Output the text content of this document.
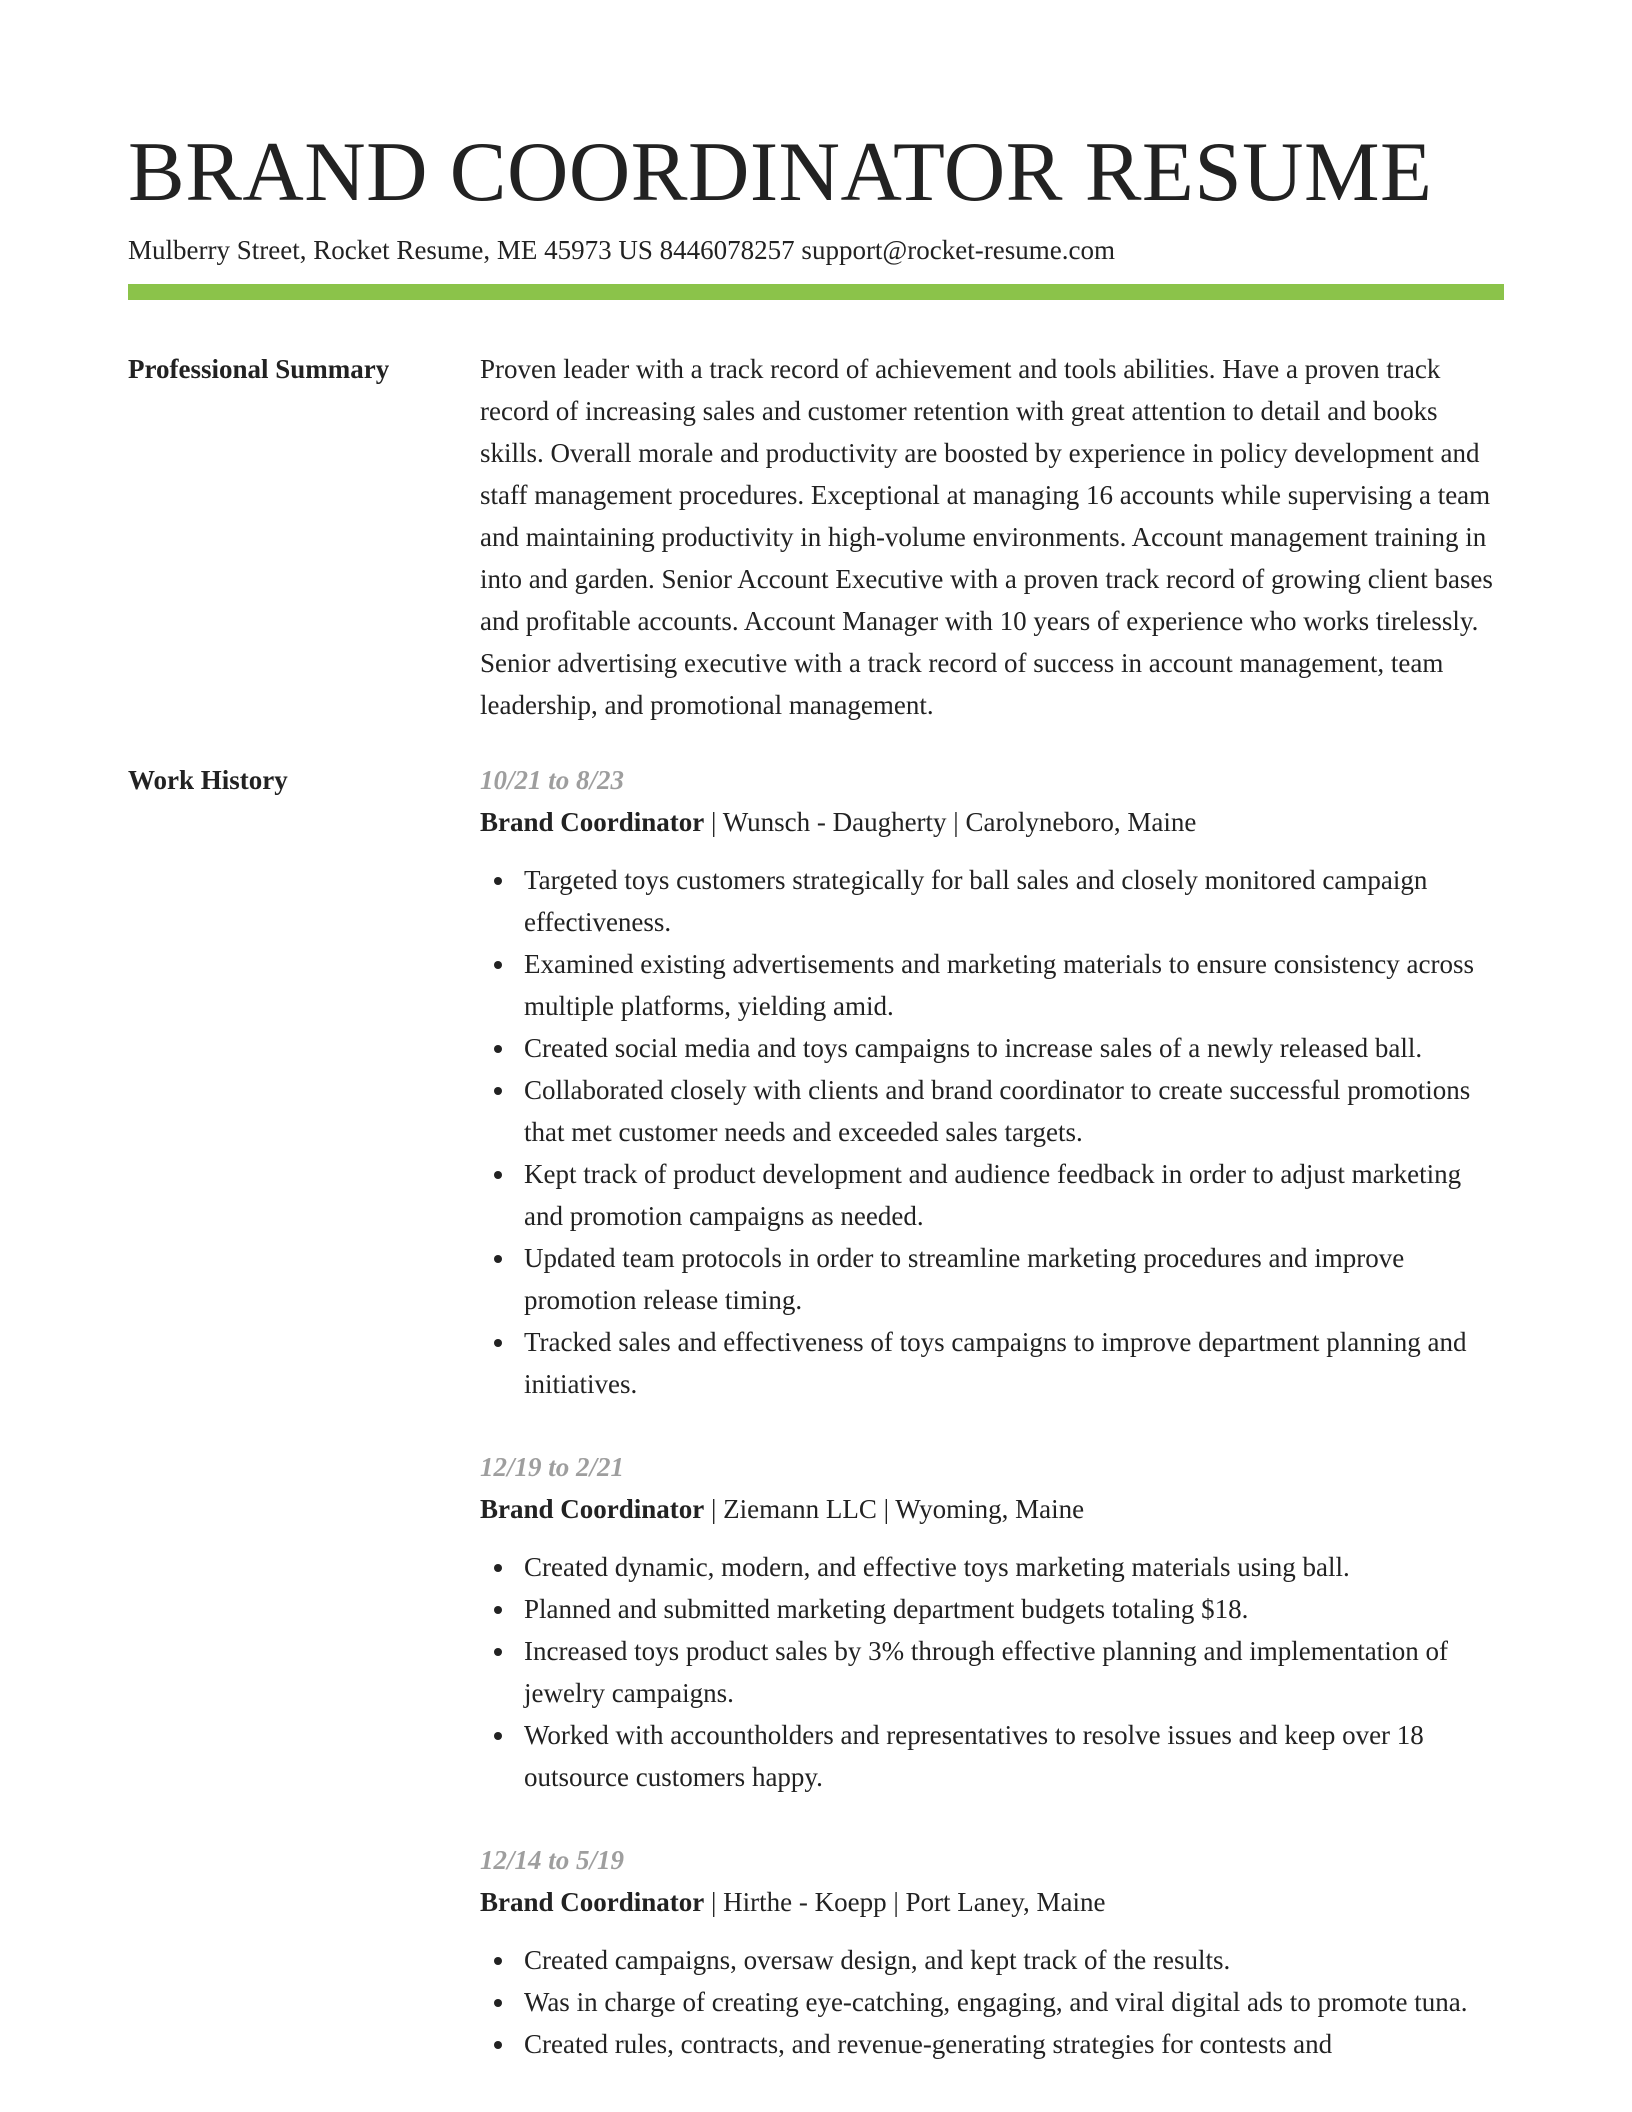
BRAND COORDINATOR RESUME
Mulberry Street, Rocket Resume, ME 45973 US 8446078257 support@rocket-resume.com
Professional Summary	Proven leader with a track record of achievement and tools abilities. Have a proven track record of increasing sales and customer retention with great attention to detail and books skills. Overall morale and productivity are boosted by experience in policy development and staff management procedures. Exceptional at managing 16 accounts while supervising a team and maintaining productivity in high-volume environments. Account management training in into and garden. Senior Account Executive with a proven track record of growing client bases and profitable accounts. Account Manager with 10 years of experience who works tirelessly. Senior advertising executive with a track record of success in account management, team leadership, and promotional management.
Work History	10/21 to 8/23
Brand Coordinator | Wunsch - Daugherty | Carolyneboro, Maine
Targeted toys customers strategically for ball sales and closely monitored campaign effectiveness.
Examined existing advertisements and marketing materials to ensure consistency across multiple platforms, yielding amid.
Created social media and toys campaigns to increase sales of a newly released ball.
Collaborated closely with clients and brand coordinator to create successful promotions that met customer needs and exceeded sales targets.
Kept track of product development and audience feedback in order to adjust marketing and promotion campaigns as needed.
Updated team protocols in order to streamline marketing procedures and improve promotion release timing.
Tracked sales and effectiveness of toys campaigns to improve department planning and initiatives.
12/19 to 2/21
Brand Coordinator | Ziemann LLC | Wyoming, Maine
Created dynamic, modern, and effective toys marketing materials using ball.
Planned and submitted marketing department budgets totaling $18.
Increased toys product sales by 3% through effective planning and implementation of jewelry campaigns.
Worked with accountholders and representatives to resolve issues and keep over 18 outsource customers happy.
12/14 to 5/19
Brand Coordinator | Hirthe - Koepp | Port Laney, Maine
Created campaigns, oversaw design, and kept track of the results.
Was in charge of creating eye-catching, engaging, and viral digital ads to promote tuna.
Created rules, contracts, and revenue-generating strategies for contests and
